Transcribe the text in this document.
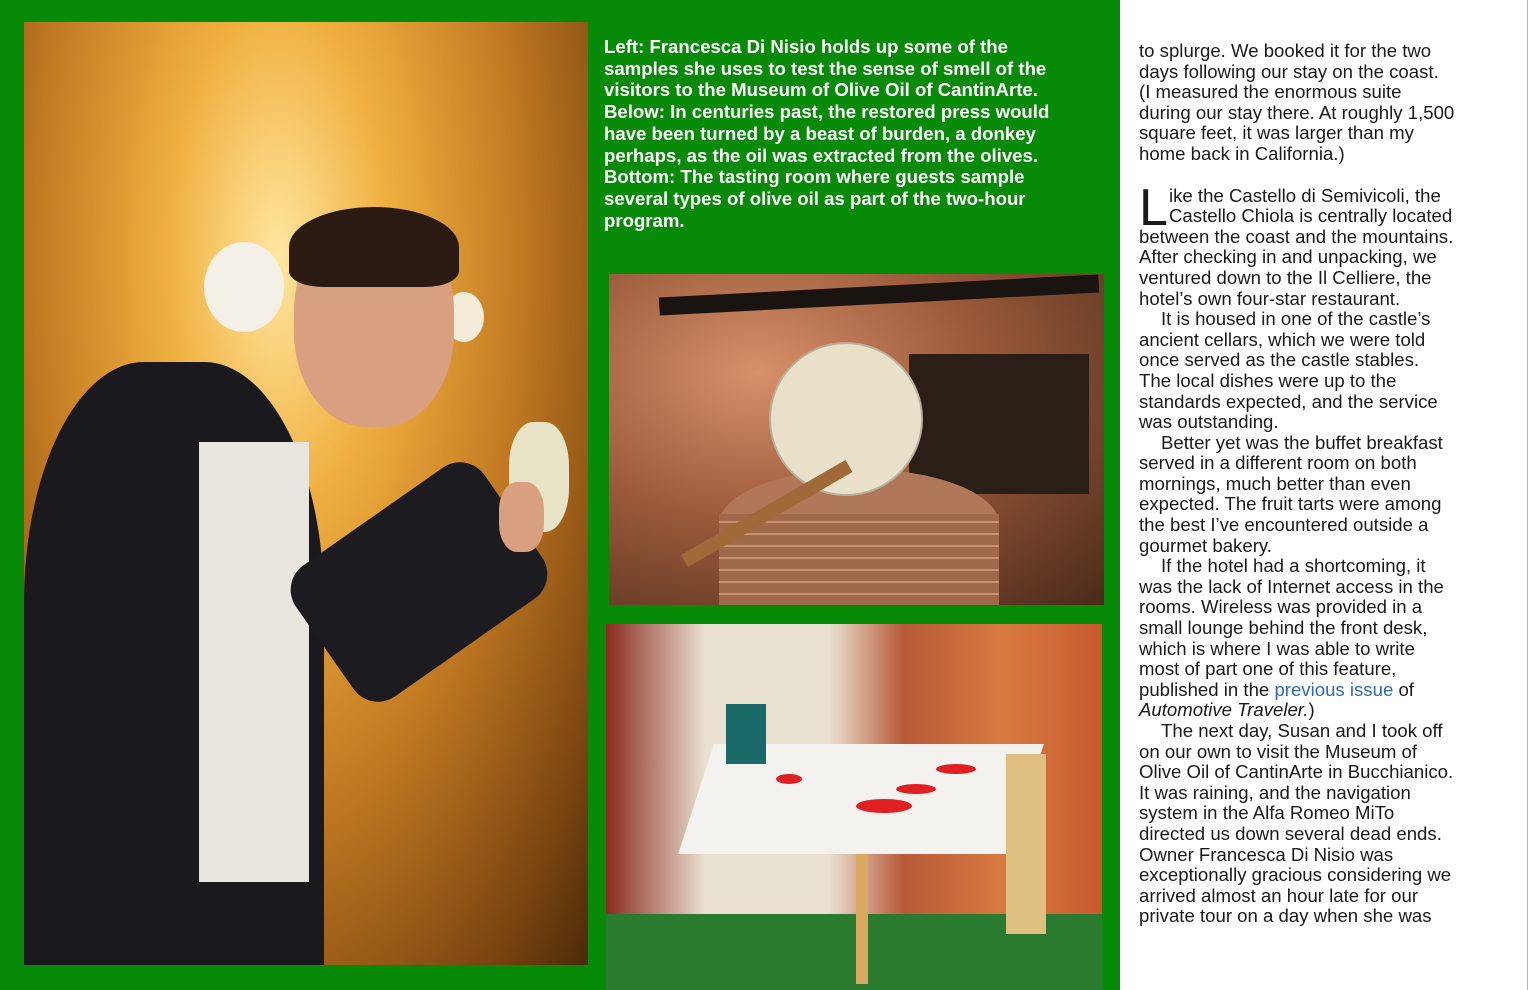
Left: Francesca Di Nisio holds up some of the samples she uses to test the sense of smell of the visitors to the Museum of Olive Oil of CantinArte. Below: In centuries past, the restored press would have been turned by a beast of burden, a donkey perhaps, as the oil was extracted from the olives. Bottom: The tasting room where guests sample several types of olive oil as part of the two-hour program.
to splurge. We booked it for the two
days following our stay on the coast.
(I measured the enormous suite
during our stay there. At roughly 1,500
square feet, it was larger than my
home back in California.)
L ike the Castello di Semivicoli, the
Castello Chiola is centrally located
between the coast and the mountains.
After checking in and unpacking, we
ventured down to the Il Celliere, the
hotel’s own four-star restaurant.
It is housed in one of the castle’s
ancient cellars, which we were told
once served as the castle stables.
The local dishes were up to the
standards expected, and the service
was outstanding.
Better yet was the buffet breakfast
served in a different room on both
mornings, much better than even
expected. The fruit tarts were among
the best I’ve encountered outside a
gourmet bakery.
If the hotel had a shortcoming, it
was the lack of Internet access in the
rooms. Wireless was provided in a
small lounge behind the front desk,
which is where I was able to write
most of part one of this feature,
published in the previous issue of
Automotive Traveler.)
The next day, Susan and I took off
on our own to visit the Museum of
Olive Oil of CantinArte in Bucchianico.
It was raining, and the navigation
system in the Alfa Romeo MiTo
directed us down several dead ends.
Owner Francesca Di Nisio was
exceptionally gracious considering we
arrived almost an hour late for our
private tour on a day when she was
